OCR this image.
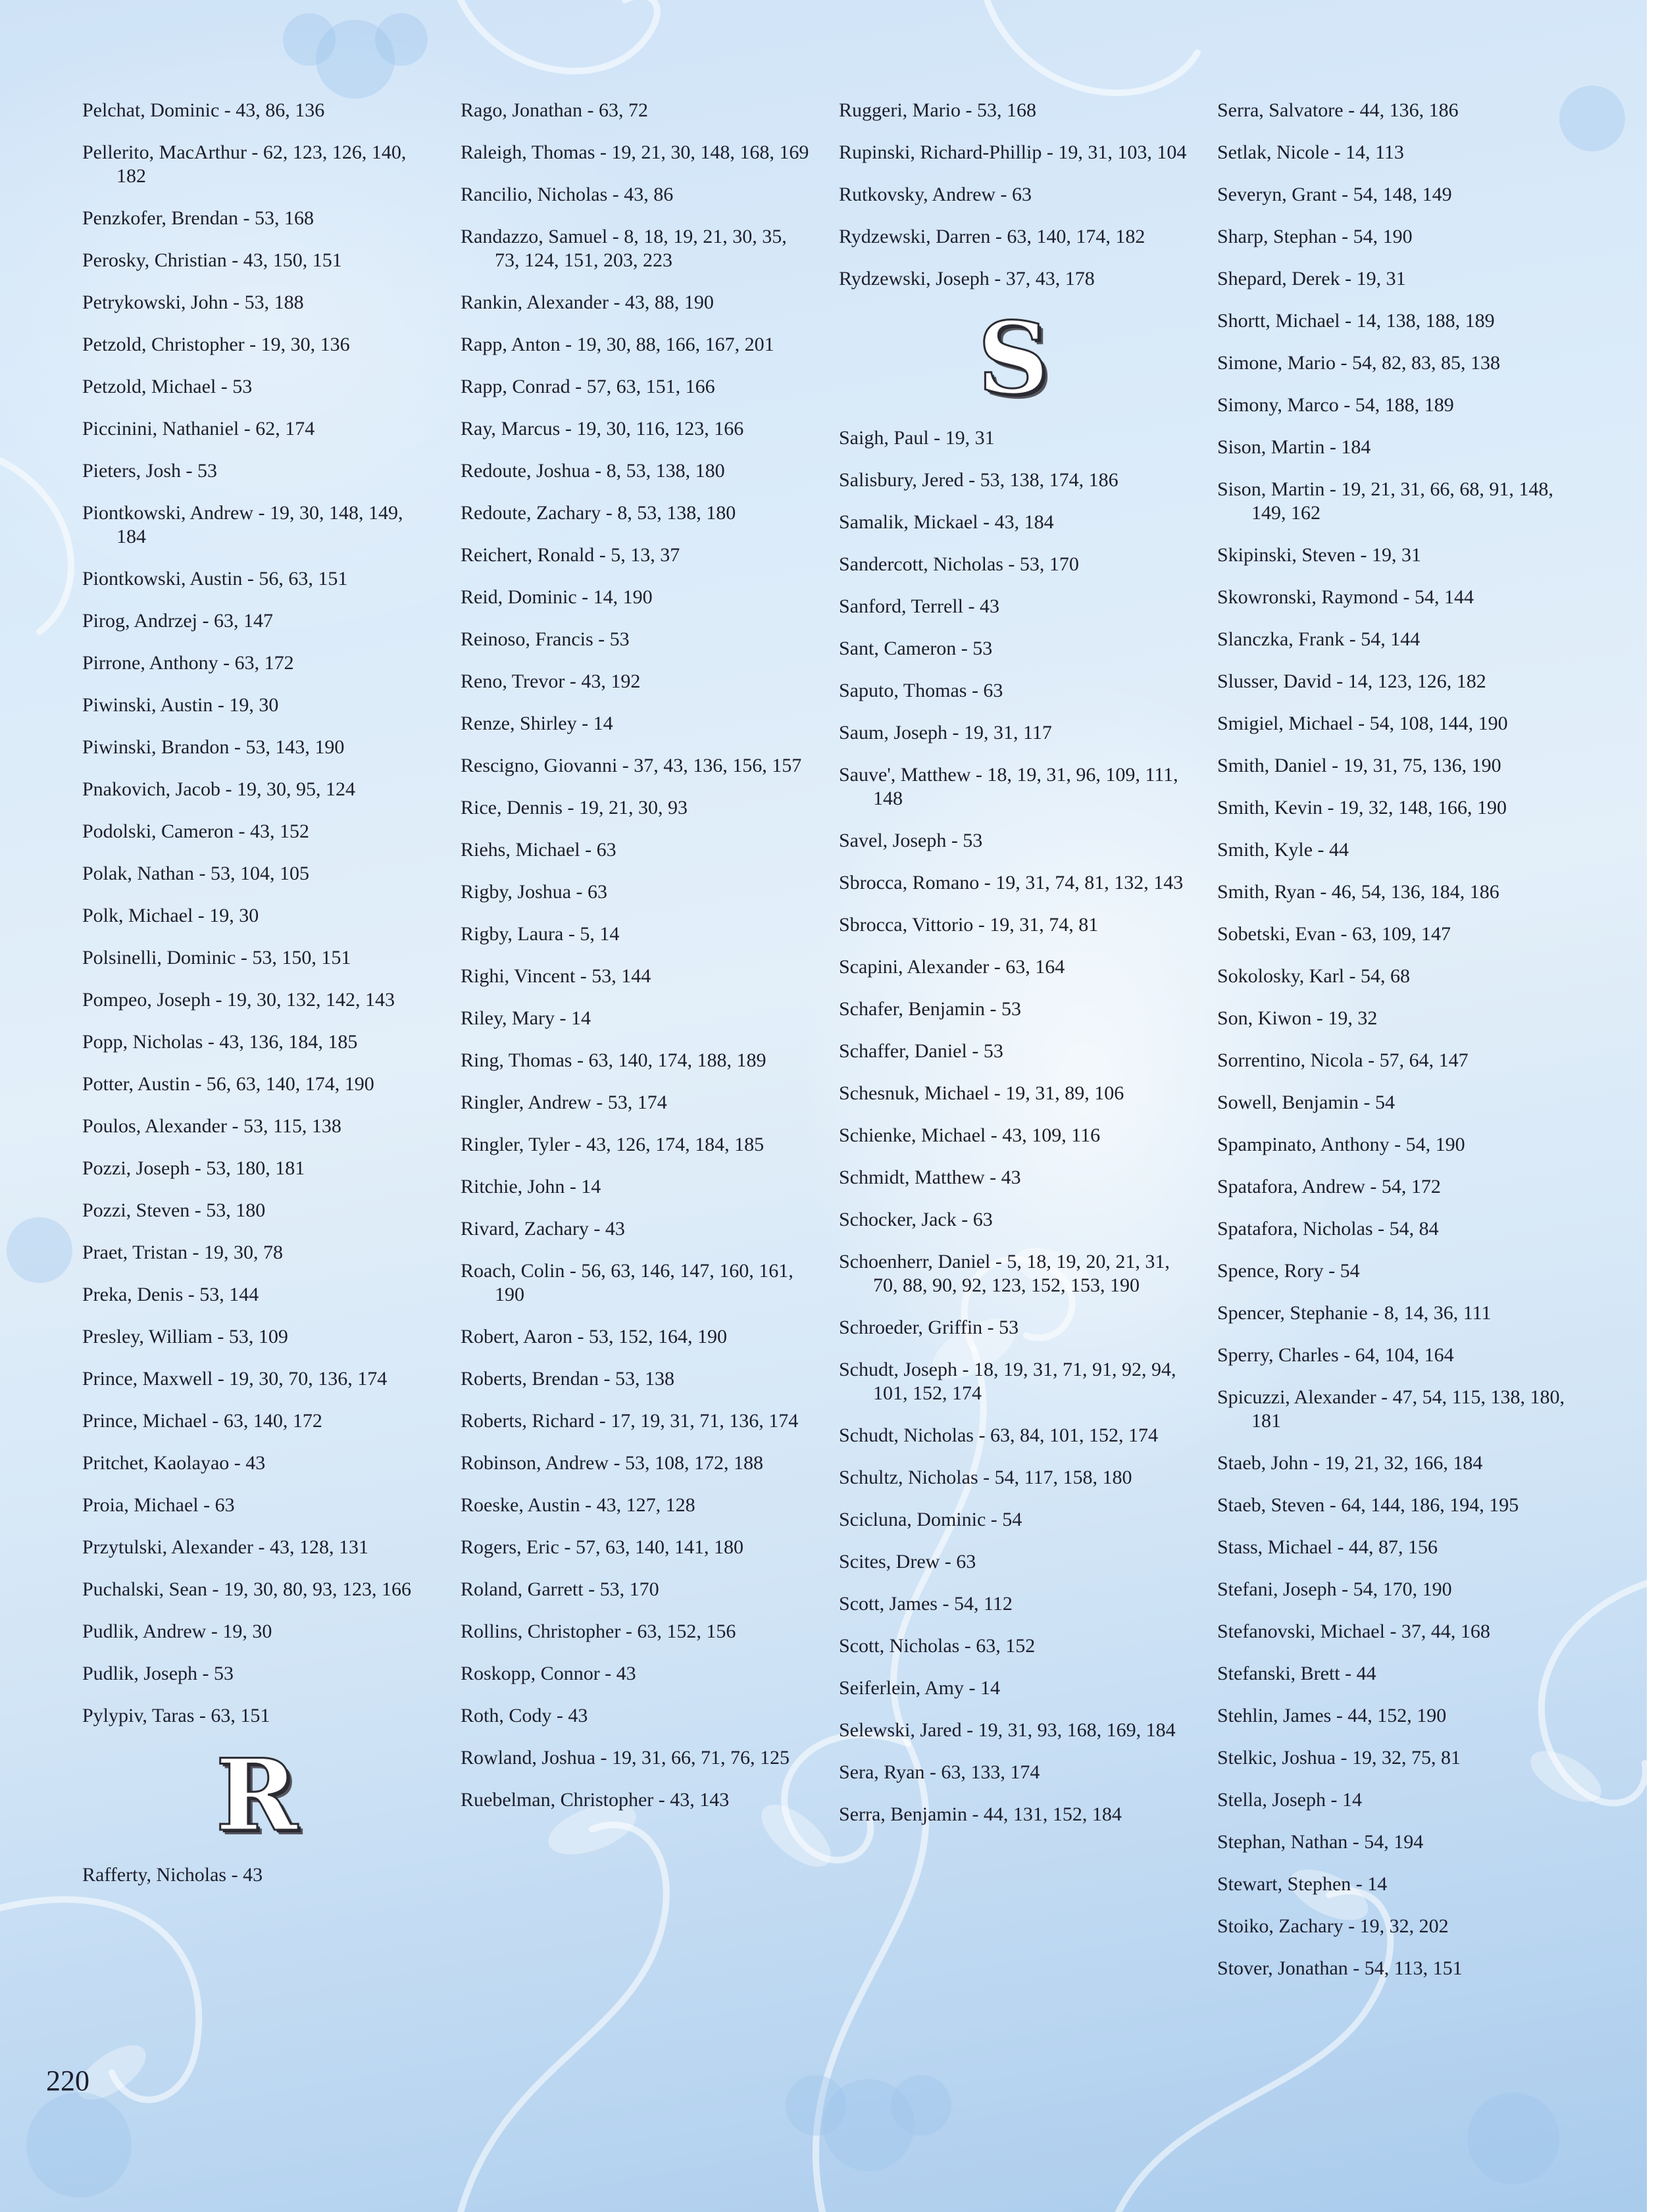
Pelchat, Dominic - 43, 86, 136
Pellerito, MacArthur - 62, 123, 126, 140, 182
Penzkofer, Brendan - 53, 168
Perosky, Christian - 43, 150, 151
Petrykowski, John - 53, 188
Petzold, Christopher - 19, 30, 136
Petzold, Michael - 53
Piccinini, Nathaniel - 62, 174
Pieters, Josh - 53
Piontkowski, Andrew - 19, 30, 148, 149, 184
Piontkowski, Austin - 56, 63, 151
Pirog, Andrzej - 63, 147
Pirrone, Anthony - 63, 172
Piwinski, Austin - 19, 30
Piwinski, Brandon - 53, 143, 190
Pnakovich, Jacob - 19, 30, 95, 124
Podolski, Cameron - 43, 152
Polak, Nathan - 53, 104, 105
Polk, Michael - 19, 30
Polsinelli, Dominic - 53, 150, 151
Pompeo, Joseph - 19, 30, 132, 142, 143
Popp, Nicholas - 43, 136, 184, 185
Potter, Austin - 56, 63, 140, 174, 190
Poulos, Alexander - 53, 115, 138
Pozzi, Joseph - 53, 180, 181
Pozzi, Steven - 53, 180
Praet, Tristan - 19, 30, 78
Preka, Denis - 53, 144
Presley, William - 53, 109
Prince, Maxwell - 19, 30, 70, 136, 174
Prince, Michael - 63, 140, 172
Pritchet, Kaolayao - 43
Proia, Michael - 63
Przytulski, Alexander - 43, 128, 131
Puchalski, Sean - 19, 30, 80, 93, 123, 166
Pudlik, Andrew - 19, 30
Pudlik, Joseph - 53
Pylypiv, Taras - 63, 151
R
Rafferty, Nicholas - 43
Rago, Jonathan - 63, 72
Raleigh, Thomas - 19, 21, 30, 148, 168, 169
Rancilio, Nicholas - 43, 86
Randazzo, Samuel - 8, 18, 19, 21, 30, 35, 73, 124, 151, 203, 223
Rankin, Alexander - 43, 88, 190
Rapp, Anton - 19, 30, 88, 166, 167, 201
Rapp, Conrad - 57, 63, 151, 166
Ray, Marcus - 19, 30, 116, 123, 166
Redoute, Joshua - 8, 53, 138, 180
Redoute, Zachary - 8, 53, 138, 180
Reichert, Ronald - 5, 13, 37
Reid, Dominic - 14, 190
Reinoso, Francis - 53
Reno, Trevor - 43, 192
Renze, Shirley - 14
Rescigno, Giovanni - 37, 43, 136, 156, 157
Rice, Dennis - 19, 21, 30, 93
Riehs, Michael - 63
Rigby, Joshua - 63
Rigby, Laura - 5, 14
Righi, Vincent - 53, 144
Riley, Mary - 14
Ring, Thomas - 63, 140, 174, 188, 189
Ringler, Andrew - 53, 174
Ringler, Tyler - 43, 126, 174, 184, 185
Ritchie, John - 14
Rivard, Zachary - 43
Roach, Colin - 56, 63, 146, 147, 160, 161, 190
Robert, Aaron - 53, 152, 164, 190
Roberts, Brendan - 53, 138
Roberts, Richard - 17, 19, 31, 71, 136, 174
Robinson, Andrew - 53, 108, 172, 188
Roeske, Austin - 43, 127, 128
Rogers, Eric - 57, 63, 140, 141, 180
Roland, Garrett - 53, 170
Rollins, Christopher - 63, 152, 156
Roskopp, Connor - 43
Roth, Cody - 43
Rowland, Joshua - 19, 31, 66, 71, 76, 125
Ruebelman, Christopher - 43, 143
Ruggeri, Mario - 53, 168
Rupinski, Richard-Phillip - 19, 31, 103, 104
Rutkovsky, Andrew - 63
Rydzewski, Darren - 63, 140, 174, 182
Rydzewski, Joseph - 37, 43, 178
S
Saigh, Paul - 19, 31
Salisbury, Jered - 53, 138, 174, 186
Samalik, Mickael - 43, 184
Sandercott, Nicholas - 53, 170
Sanford, Terrell - 43
Sant, Cameron - 53
Saputo, Thomas - 63
Saum, Joseph - 19, 31, 117
Sauve', Matthew - 18, 19, 31, 96, 109, 111, 148
Savel, Joseph - 53
Sbrocca, Romano - 19, 31, 74, 81, 132, 143
Sbrocca, Vittorio - 19, 31, 74, 81
Scapini, Alexander - 63, 164
Schafer, Benjamin - 53
Schaffer, Daniel - 53
Schesnuk, Michael - 19, 31, 89, 106
Schienke, Michael - 43, 109, 116
Schmidt, Matthew - 43
Schocker, Jack - 63
Schoenherr, Daniel - 5, 18, 19, 20, 21, 31, 70, 88, 90, 92, 123, 152, 153, 190
Schroeder, Griffin - 53
Schudt, Joseph - 18, 19, 31, 71, 91, 92, 94, 101, 152, 174
Schudt, Nicholas - 63, 84, 101, 152, 174
Schultz, Nicholas - 54, 117, 158, 180
Scicluna, Dominic - 54
Scites, Drew - 63
Scott, James - 54, 112
Scott, Nicholas - 63, 152
Seiferlein, Amy - 14
Selewski, Jared - 19, 31, 93, 168, 169, 184
Sera, Ryan - 63, 133, 174
Serra, Benjamin - 44, 131, 152, 184
Serra, Salvatore - 44, 136, 186
Setlak, Nicole - 14, 113
Severyn, Grant - 54, 148, 149
Sharp, Stephan - 54, 190
Shepard, Derek - 19, 31
Shortt, Michael - 14, 138, 188, 189
Simone, Mario - 54, 82, 83, 85, 138
Simony, Marco - 54, 188, 189
Sison, Martin - 184
Sison, Martin - 19, 21, 31, 66, 68, 91, 148, 149, 162
Skipinski, Steven - 19, 31
Skowronski, Raymond - 54, 144
Slanczka, Frank - 54, 144
Slusser, David - 14, 123, 126, 182
Smigiel, Michael - 54, 108, 144, 190
Smith, Daniel - 19, 31, 75, 136, 190
Smith, Kevin - 19, 32, 148, 166, 190
Smith, Kyle - 44
Smith, Ryan - 46, 54, 136, 184, 186
Sobetski, Evan - 63, 109, 147
Sokolosky, Karl - 54, 68
Son, Kiwon - 19, 32
Sorrentino, Nicola - 57, 64, 147
Sowell, Benjamin - 54
Spampinato, Anthony - 54, 190
Spatafora, Andrew - 54, 172
Spatafora, Nicholas - 54, 84
Spence, Rory - 54
Spencer, Stephanie - 8, 14, 36, 111
Sperry, Charles - 64, 104, 164
Spicuzzi, Alexander - 47, 54, 115, 138, 180, 181
Staeb, John - 19, 21, 32, 166, 184
Staeb, Steven - 64, 144, 186, 194, 195
Stass, Michael - 44, 87, 156
Stefani, Joseph - 54, 170, 190
Stefanovski, Michael - 37, 44, 168
Stefanski, Brett - 44
Stehlin, James - 44, 152, 190
Stelkic, Joshua - 19, 32, 75, 81
Stella, Joseph - 14
Stephan, Nathan - 54, 194
Stewart, Stephen - 14
Stoiko, Zachary - 19, 32, 202
Stover, Jonathan - 54, 113, 151
220
